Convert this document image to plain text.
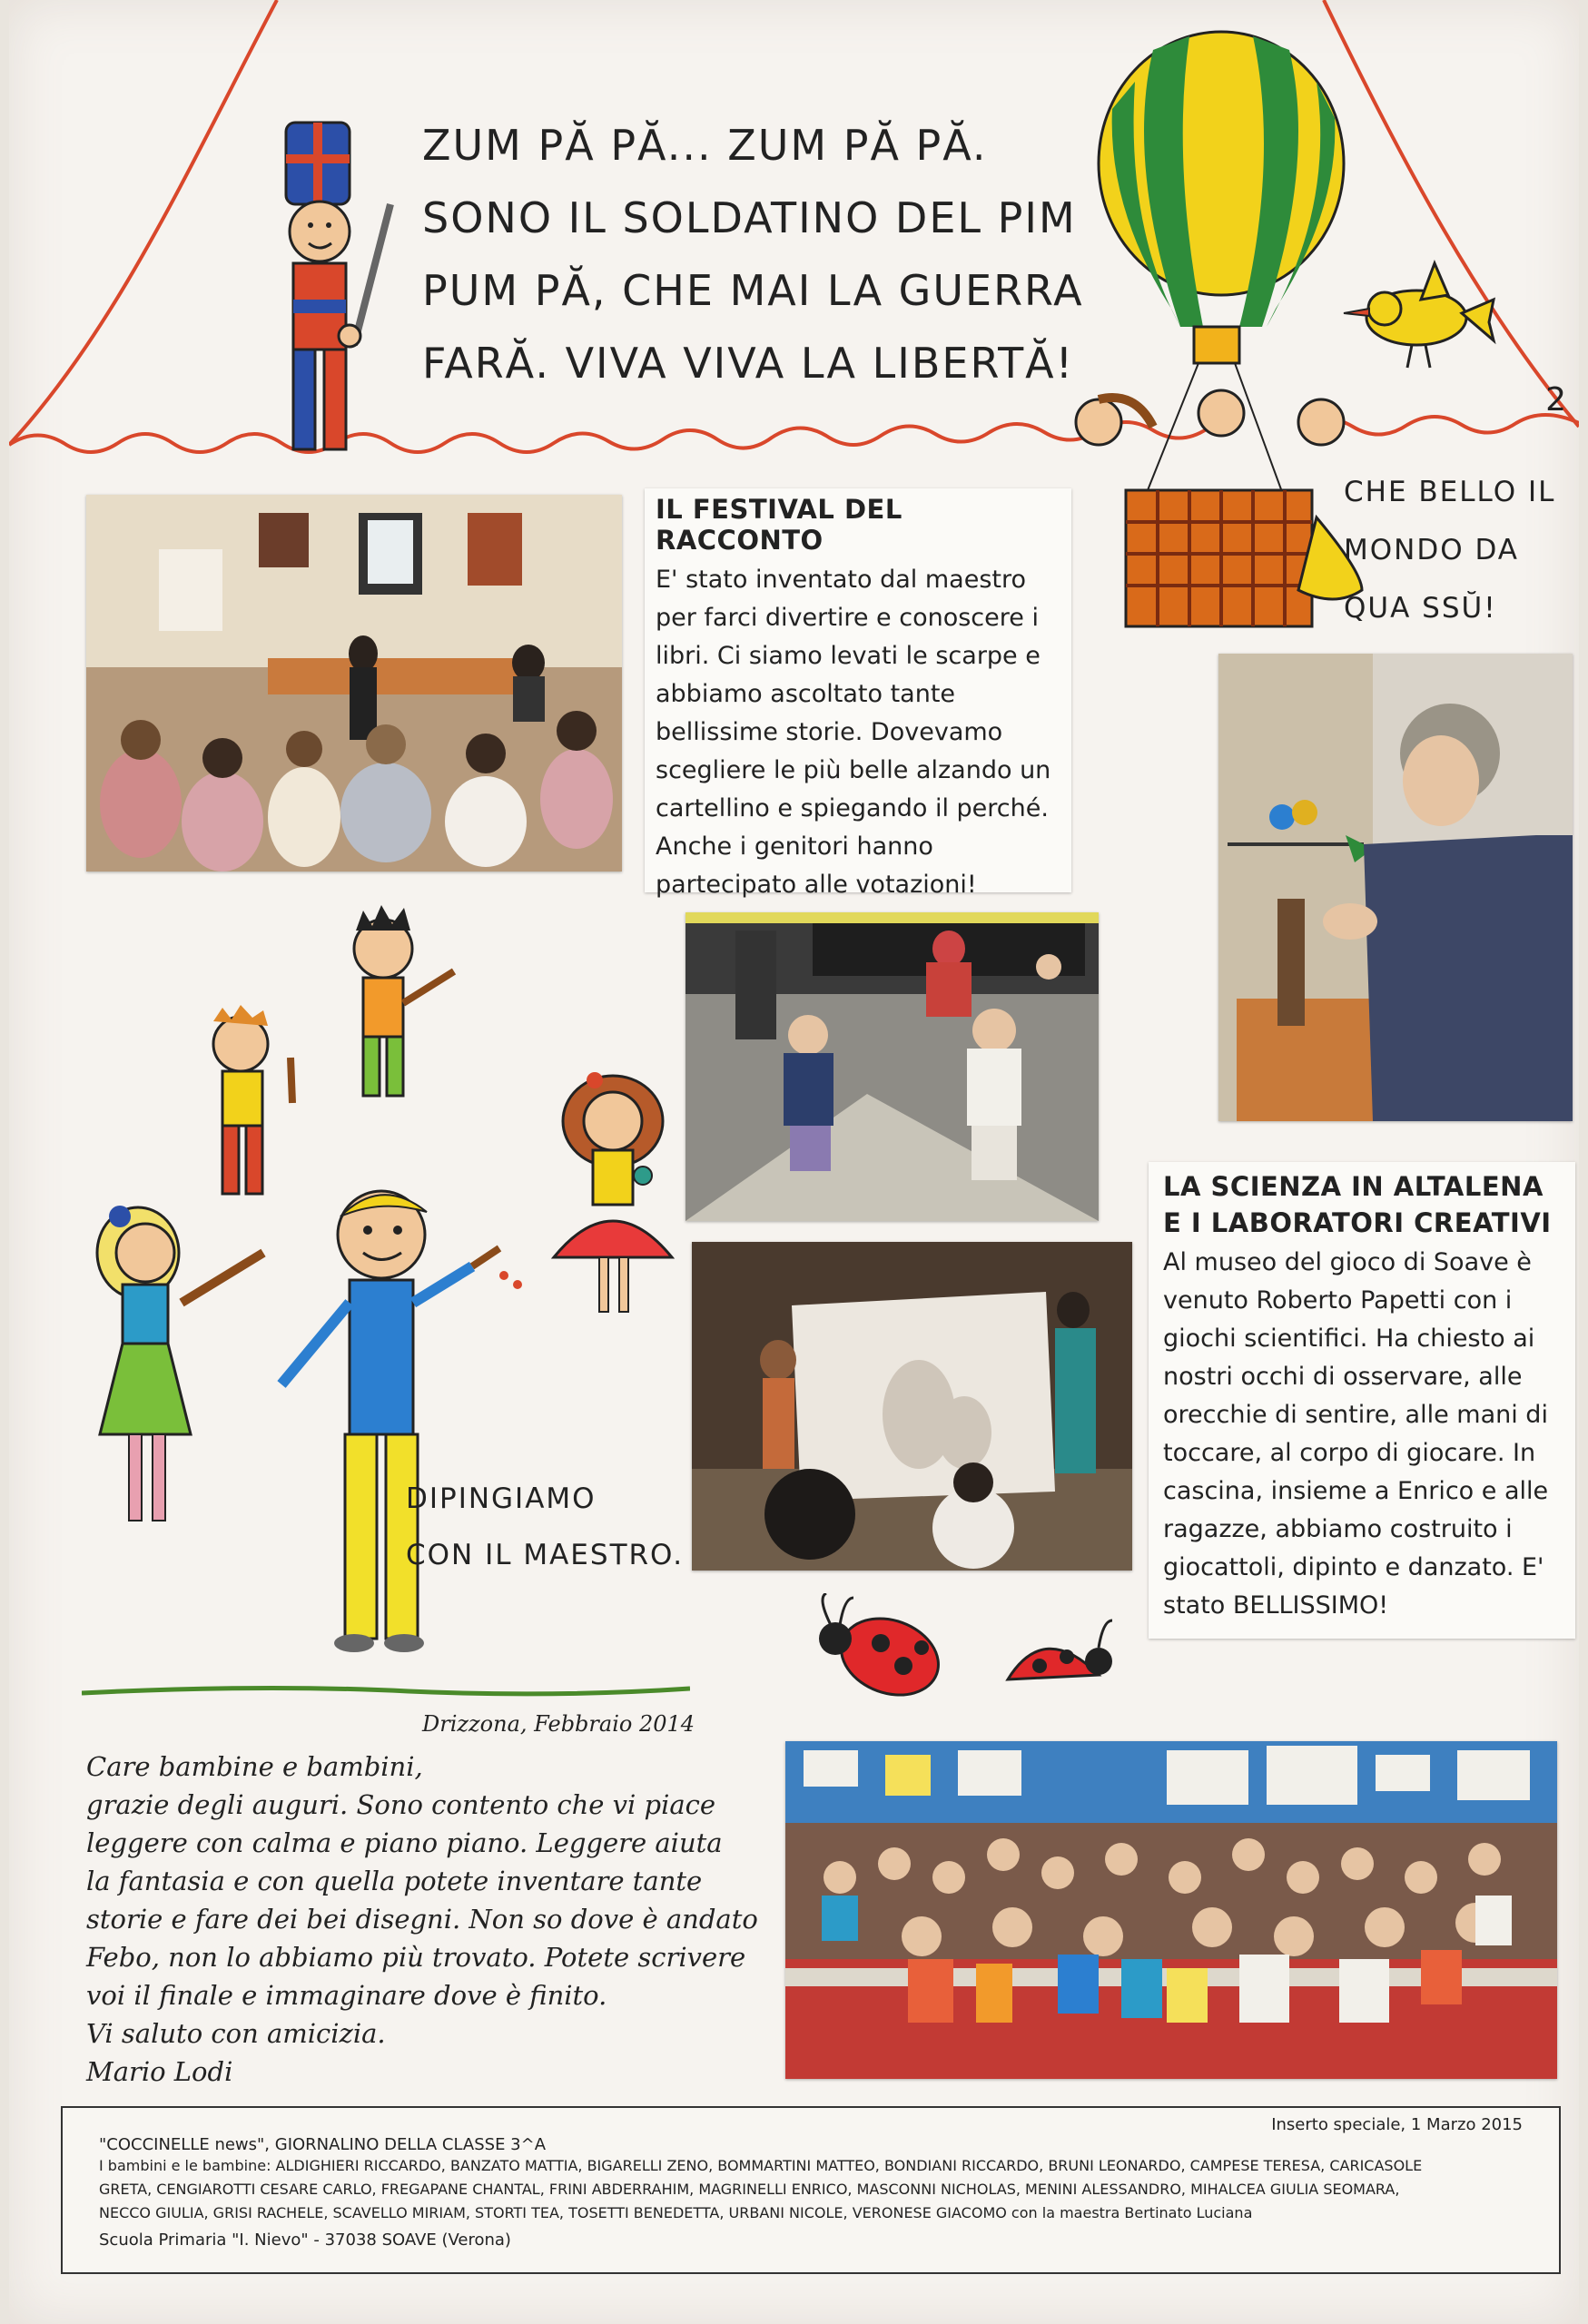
ZUM PĂ PĂ... ZUM PĂ PĂ.
SONO IL SOLDATINO DEL PIM
PUM PĂ, CHE MAI LA GUERRA
FARĂ. VIVA VIVA LA LIBERTĂ!
2
CHE BELLO IL
MONDO DA
QUA SSŬ!
IL FESTIVAL DEL RACCONTO

E' stato inventato dal maestro per farci divertire e conoscere i libri. Ci siamo levati le scarpe e abbiamo ascoltato tante bellissime storie. Dovevamo scegliere le più belle alzando un cartellino e spiegando il perché. Anche i genitori hanno partecipato alle votazioni!

DIPINGIAMO
CON IL MAESTRO.
LA SCIENZA IN ALTALENA
E I LABORATORI CREATIVI

Al museo del gioco di Soave è venuto Roberto Papetti con i giochi scientifici. Ha chiesto ai nostri occhi di osservare, alle orecchie di sentire, alle mani di toccare, al corpo di giocare. In cascina, insieme a Enrico e alle ragazze, abbiamo costruito i giocattoli, dipinto e danzato. E' stato BELLISSIMO!

Drizzona, Febbraio 2014
Care bambine e bambini,
grazie degli auguri. Sono contento che vi piace
leggere con calma e piano piano. Leggere aiuta
la fantasia e con quella potete inventare tante
storie e fare dei bei disegni. Non so dove è andato
Febo, non lo abbiamo più trovato. Potete scrivere
voi il finale e immaginare dove è finito.
Vi saluto con amicizia.
Mario Lodi
"COCCINELLE news", GIORNALINO DELLA CLASSE 3^A
Inserto speciale, 1 Marzo 2015
I bambini e le bambine: ALDIGHIERI RICCARDO, BANZATO MATTIA, BIGARELLI ZENO, BOMMARTINI MATTEO, BONDIANI RICCARDO, BRUNI LEONARDO, CAMPESE TERESA, CARICASOLE
GRETA, CENGIAROTTI CESARE CARLO, FREGAPANE CHANTAL, FRINI ABDERRAHIM, MAGRINELLI ENRICO, MASCONNI NICHOLAS, MENINI ALESSANDRO, MIHALCEA GIULIA SEOMARA,
NECCO GIULIA, GRISI RACHELE, SCAVELLO MIRIAM, STORTI TEA, TOSETTI BENEDETTA, URBANI NICOLE, VERONESE GIACOMO con la maestra Bertinato Luciana
Scuola Primaria "I. Nievo" - 37038 SOAVE (Verona)
